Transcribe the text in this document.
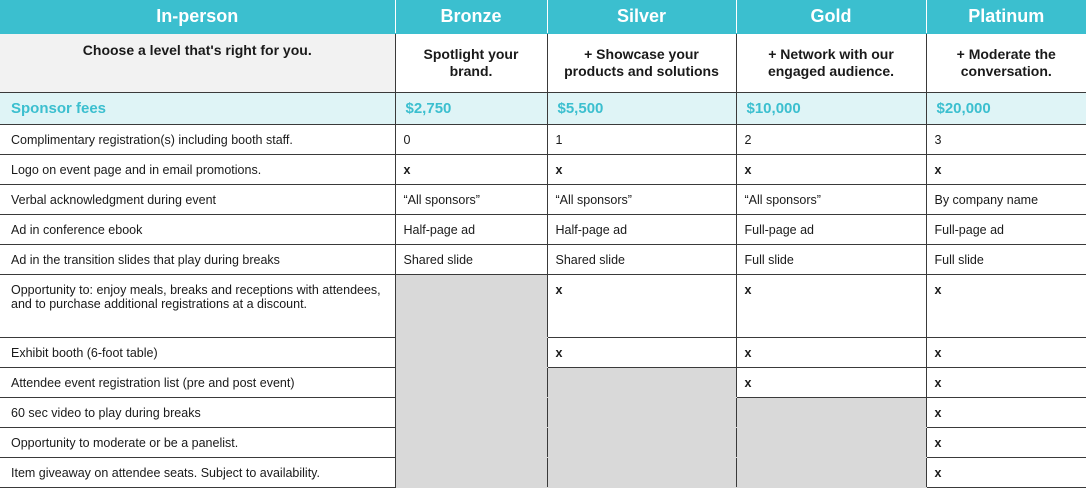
In-person	Bronze	Silver	Gold	Platinum
Choose a level that's right for you.	Spotlight your brand.	+ Showcase your products and solutions	+ Network with our engaged audience.	+ Moderate the conversation.
Sponsor fees	$2,750	$5,500	$10,000	$20,000
Complimentary registration(s) including booth staff.	0	1	2	3
Logo on event page and in email promotions.	x	x	x	x
Verbal acknowledgment during event	“All sponsors”	“All sponsors”	“All sponsors”	By company name
Ad in conference ebook	Half-page ad	Half-page ad	Full-page ad	Full-page ad
Ad in the transition slides that play during breaks	Shared slide	Shared slide	Full slide	Full slide
Opportunity to: enjoy meals, breaks and receptions with attendees, and to purchase additional registrations at a discount.		x	x	x
Exhibit booth (6-foot table)		x	x	x
Attendee event registration list (pre and post event)			x	x
60 sec video to play during breaks				x
Opportunity to moderate or be a panelist.				x
Item giveaway on attendee seats. Subject to availability.				x
